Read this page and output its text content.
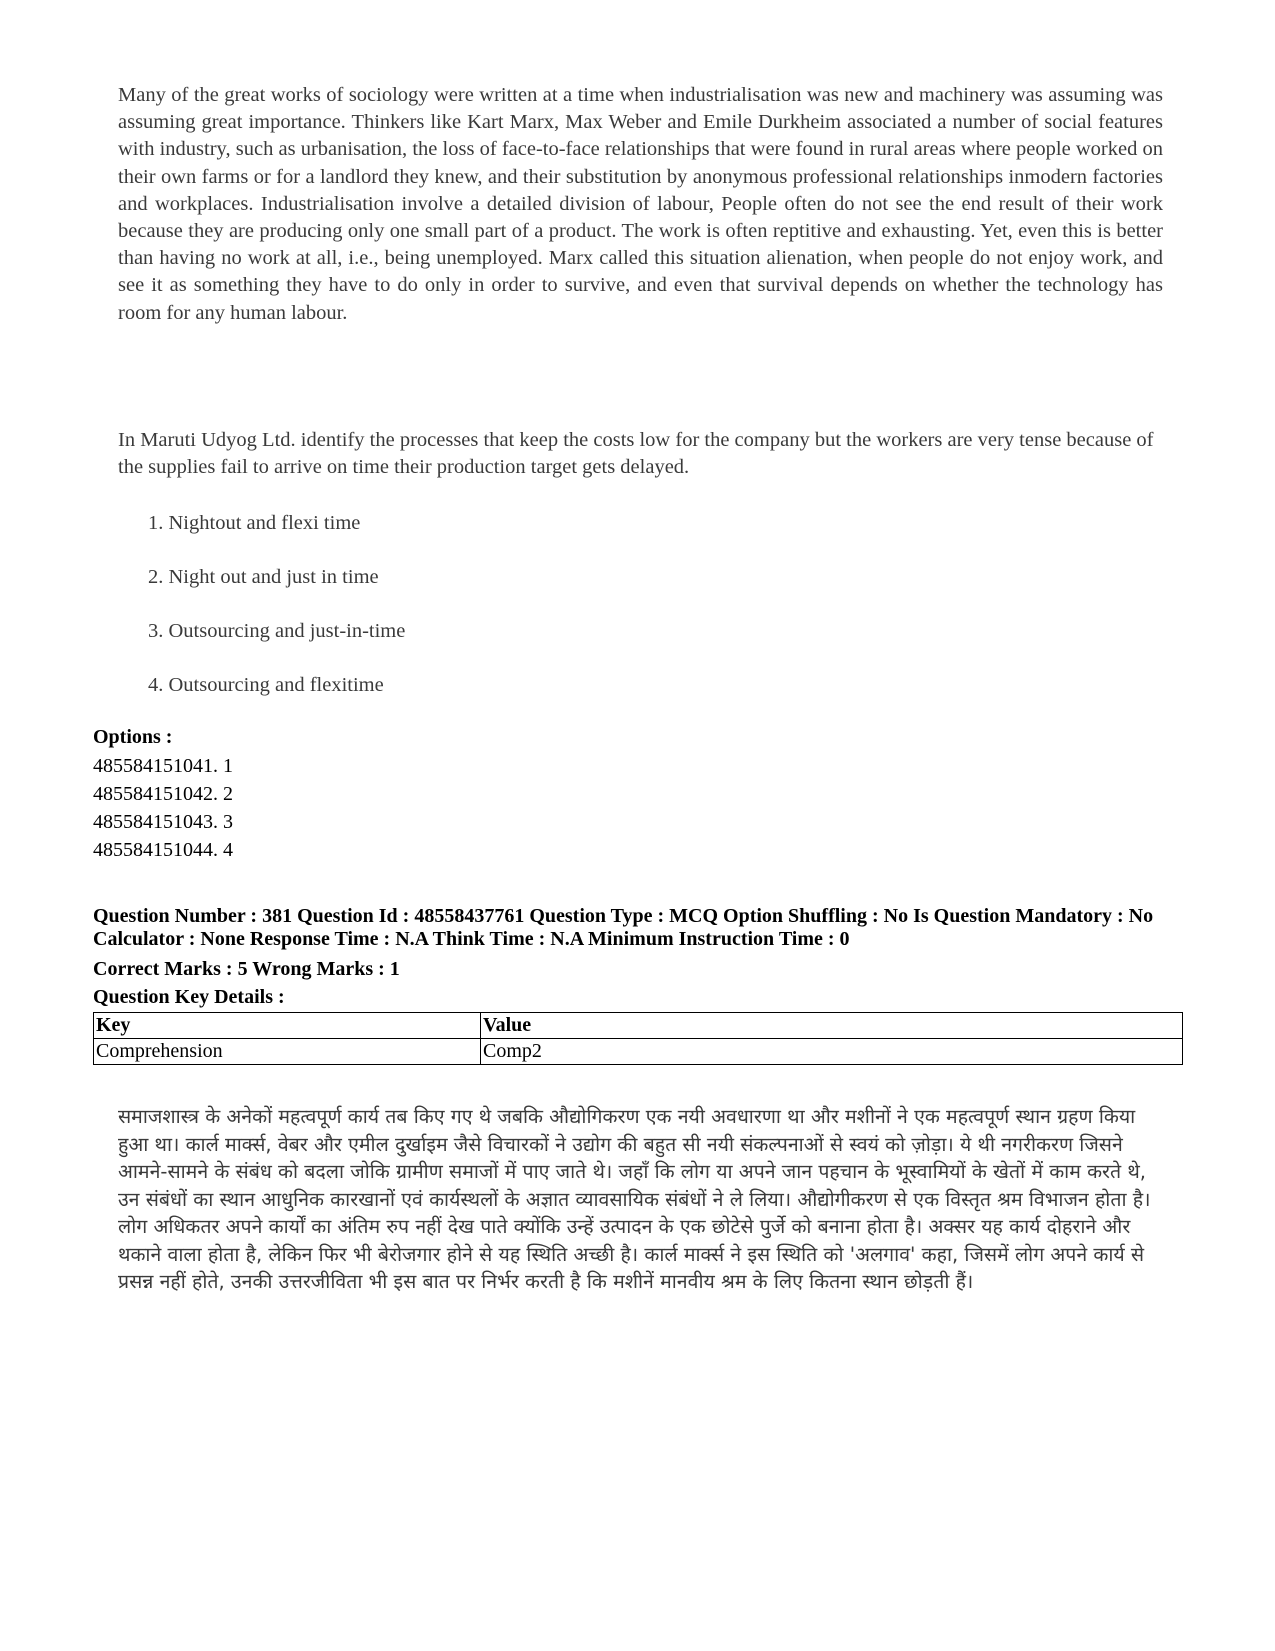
Many of the great works of sociology were written at a time when industrialisation was new and machinery was assuming was assuming great importance. Thinkers like Kart Marx, Max Weber and Emile Durkheim associated a number of social features with industry, such as urbanisation, the loss of face-to-face relationships that were found in rural areas where people worked on their own farms or for a landlord they knew, and their substitution by anonymous professional relationships inmodern factories and workplaces. Industrialisation involve a detailed division of labour, People often do not see the end result of their work because they are producing only one small part of a product. The work is often reptitive and exhausting. Yet, even this is better than having no work at all, i.e., being unemployed. Marx called this situation alienation, when people do not enjoy work, and see it as something they have to do only in order to survive, and even that survival depends on whether the technology has room for any human labour.
In Maruti Udyog Ltd. identify the processes that keep the costs low for the company but the workers are very tense because of the supplies fail to arrive on time their production target gets delayed.
1. Nightout and flexi time
2. Night out and just in time
3. Outsourcing and just-in-time
4. Outsourcing and flexitime
Options :
485584151041. 1
485584151042. 2
485584151043. 3
485584151044. 4
Question Number : 381 Question Id : 48558437761 Question Type : MCQ Option Shuffling : No Is Question Mandatory : No Calculator : None Response Time : N.A Think Time : N.A Minimum Instruction Time : 0
Correct Marks : 5 Wrong Marks : 1
Question Key Details :
Key	Value
Comprehension	Comp2
समाजशास्त्र के अनेकों महत्वपूर्ण कार्य तब किए गए थे जबकि औद्योगिकरण एक नयी अवधारणा था और मशीनों ने एक महत्वपूर्ण स्थान ग्रहण किया हुआ था। कार्ल मार्क्स, वेबर और एमील दुर्खाइम जैसे विचारकों ने उद्योग की बहुत सी नयी संकल्पनाओं से स्वयं को ज़ोड़ा। ये थी नगरीकरण जिसने आमने-सामने के संबंध को बदला जोकि ग्रामीण समाजों में पाए जाते थे। जहाँ कि लोग या अपने जान पहचान के भूस्वामियों के खेतों में काम करते थे, उन संबंधों का स्थान आधुनिक कारखानों एवं कार्यस्थलों के अज्ञात व्यावसायिक संबंधों ने ले लिया। औद्योगीकरण से एक विस्तृत श्रम विभाजन होता है। लोग अधिकतर अपने कार्यों का अंतिम रुप नहीं देख पाते क्योंकि उन्हें उत्पादन के एक छोटेसे पुर्जे को बनाना होता है। अक्सर यह कार्य दोहराने और थकाने वाला होता है, लेकिन फिर भी बेरोजगार होने से यह स्थिति अच्छी है। कार्ल मार्क्स ने इस स्थिति को 'अलगाव' कहा, जिसमें लोग अपने कार्य से प्रसन्न नहीं होते, उनकी उत्तरजीविता भी इस बात पर निर्भर करती है कि मशीनें मानवीय श्रम के लिए कितना स्थान छोड़ती हैं।
